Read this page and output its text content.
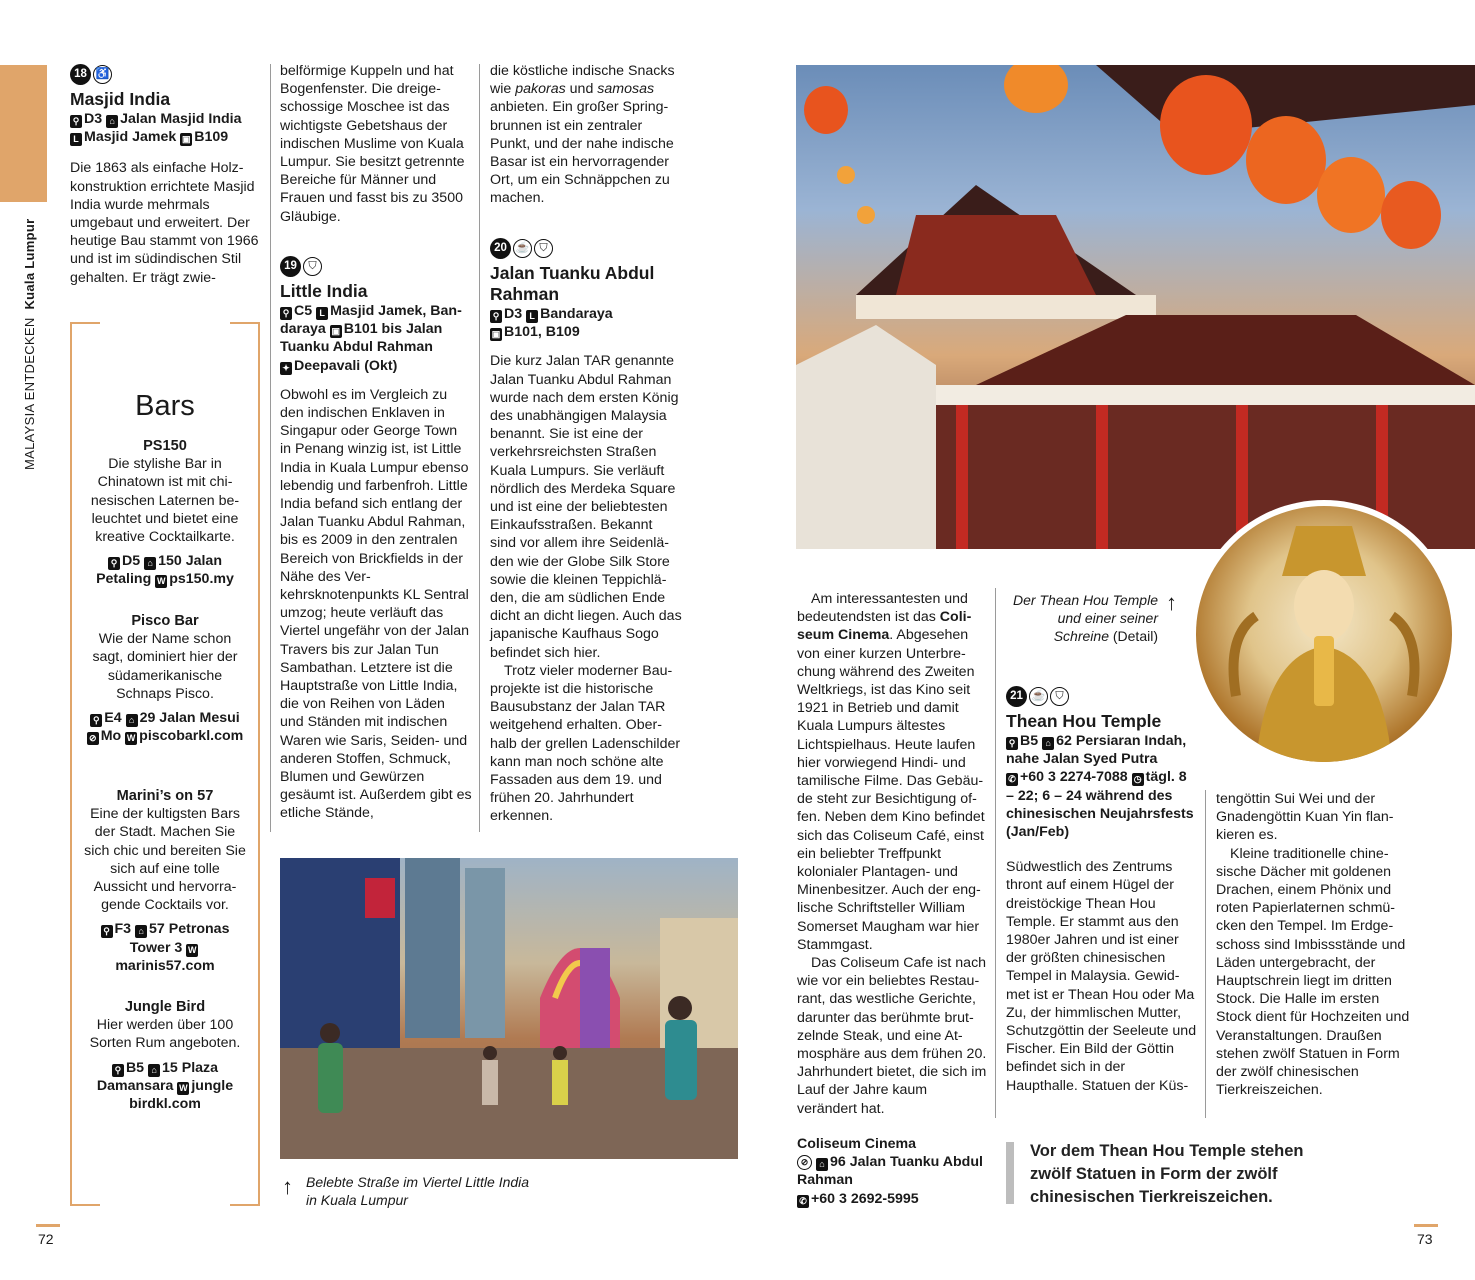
MALAYSIA ENTDECKEN Kuala Lumpur
18 ♿
Masjid India
⚲ D3 ⌂ Jalan Masjid India
L Masjid Jamek ▣ B109

Die 1863 als einfache Holzkonstruktion errichtete Masjid India wurde mehrmals umgebaut und erweitert. Der heutige Bau stammt von 1966 und ist im südindischen Stil gehalten. Er trägt zwie-

Bars
PS150
Die stylishe Bar in Chinatown ist mit chinesischen Laternen beleuchtet und bietet eine kreative Cocktailkarte.
⚲ D5 ⌂ 150 Jalan Petaling W ps150.my
Pisco Bar
Wie der Name schon sagt, dominiert hier der südamerikanische Schnaps Pisco.
⚲ E4 ⌂ 29 Jalan Mesui ⊘ Mo W piscobarkl.com
Marini’s on 57
Eine der kultigsten Bars der Stadt. Machen Sie sich chic und bereiten Sie sich auf eine tolle Aussicht und hervorragende Cocktails vor.
⚲ F3 ⌂ 57 Petronas Tower 3 Wmarinis57.com
Jungle Bird
Hier werden über 100 Sorten Rum angeboten.
⚲ B5 ⌂ 15 Plaza Damansara W jungle birdkl.com
belförmige Kuppeln und hat Bogenfenster. Die dreigeschossige Moschee ist das wichtigste Gebetshaus der indischen Muslime von Kuala Lumpur. Sie besitzt getrennte Bereiche für Männer und Frauen und fasst bis zu 3500 Gläubige.
19 ⛉
Little India
⚲ C5 L Masjid Jamek, Bandaraya ▣ B101 bis Jalan Tuanku Abdul Rahman
✦ Deepavali (Okt)

Obwohl es im Vergleich zu den indischen Enklaven in Singapur oder George Town in Penang winzig ist, ist Little India in Kuala Lumpur ebenso lebendig und farbenfroh. Little India befand sich entlang der Jalan Tuanku Abdul Rahman, bis es 2009 in den zentralen Bereich von Brickfields in der Nähe des Verkehrsknotenpunkts KL Sentral umzog; heute verläuft das Viertel ungefähr von der Jalan Travers bis zur Jalan Tun Sambathan. Letztere ist die Hauptstraße von Little India, die von Reihen von Läden und Ständen mit indischen Waren wie Saris, Seiden- und anderen Stoffen, Schmuck, Blumen und Gewürzen gesäumt ist. Außerdem gibt es etliche Stände,

die köstliche indische Snacks wie pakoras und samosas anbieten. Ein großer Springbrunnen ist ein zentraler Punkt, und der nahe indische Basar ist ein hervorragender Ort, um ein Schnäppchen zu machen.
20 ☕ ⛉
Jalan Tuanku Abdul Rahman
⚲ D3 L Bandaraya
▣ B101, B109

Die kurz Jalan TAR genannte Jalan Tuanku Abdul Rahman wurde nach dem ersten König des unabhängigen Malaysia benannt. Sie ist eine der verkehrsreichsten Straßen Kuala Lumpurs. Sie verläuft nördlich des Merdeka Square und ist eine der beliebtesten Einkaufsstraßen. Bekannt sind vor allem ihre Seidenläden wie der Globe Silk Store sowie die kleinen Teppichläden, die am südlichen Ende dicht an dicht liegen. Auch das japanische Kaufhaus Sogo befindet sich hier.

Trotz vieler moderner Bauprojekte ist die historische Bausubstanz der Jalan TAR weitgehend erhalten. Oberhalb der grellen Ladenschilder kann man noch schöne alte Fassaden aus dem 19. und frühen 20. Jahrhundert erkennen.

↑ Belebte Straße im Viertel Little India
in Kuala Lumpur
72
Der Thean Hou Temple
und einer seiner
Schreine (Detail)
↑

Am interessantesten und bedeutendsten ist das Coliseum Cinema. Abgesehen von einer kurzen Unterbrechung während des Zweiten Weltkriegs, ist das Kino seit 1921 in Betrieb und damit Kuala Lumpurs ältestes Lichtspielhaus. Heute laufen hier vorwiegend Hindi- und tamilische Filme. Das Gebäude steht zur Besichtigung offen. Neben dem Kino befindet sich das Coliseum Café, einst ein beliebter Treffpunkt kolonialer Plantagen- und Minenbesitzer. Auch der englische Schriftsteller William Somerset Maugham war hier Stammgast.

Das Coliseum Cafe ist nach wie vor ein beliebtes Restaurant, das westliche Gerichte, darunter das berühmte brutzelnde Steak, und eine Atmosphäre aus dem frühen 20. Jahrhundert bietet, die sich im Lauf der Jahre kaum verändert hat.

Coliseum Cinema
⊘ ⌂ 96 Jalan Tuanku Abdul Rahman
✆ +60 3 2692-5995
21 ☕ ⛉
Thean Hou Temple
⚲ B5 ⌂ 62 Persiaran Indah, nahe Jalan Syed Putra
✆ +60 3 2274-7088 ◷ tägl. 8 – 22; 6 – 24 während des chinesischen Neujahrsfests (Jan/Feb)

Südwestlich des Zentrums thront auf einem Hügel der dreistöckige Thean Hou Temple. Er stammt aus den 1980er Jahren und ist einer der größten chinesischen Tempel in Malaysia. Gewidmet ist er Thean Hou oder Ma Zu, der himmlischen Mutter, Schutzgöttin der Seeleute und Fischer. Ein Bild der Göttin befindet sich in der Haupthalle. Statuen der Küs-

tengöttin Sui Wei und der Gnadengöttin Kuan Yin flankieren es.

Kleine traditionelle chinesische Dächer mit goldenen Drachen, einem Phönix und roten Papierlaternen schmücken den Tempel. Im Erdgeschoss sind Imbissstände und Läden untergebracht, der Hauptschrein liegt im dritten Stock. Die Halle im ersten Stock dient für Hochzeiten und Veranstaltungen. Draußen stehen zwölf Statuen in Form der zwölf chinesischen Tierkreiszeichen.

Vor dem Thean Hou Temple stehen zwölf Statuen in Form der zwölf chinesischen Tierkreiszeichen.
73
